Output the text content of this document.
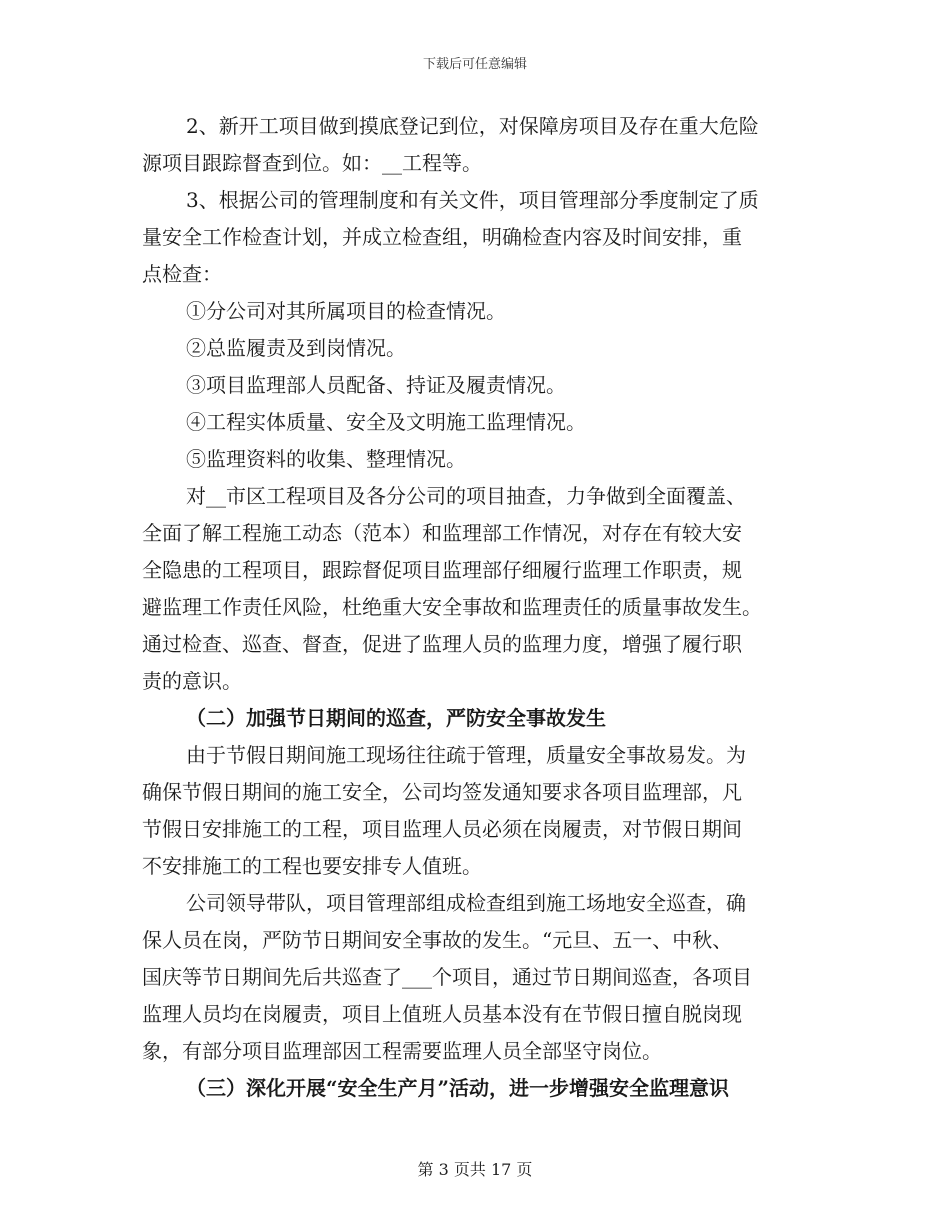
下载后可任意编辑
2、新开工项目做到摸底登记到位，对保障房项目及存在重大危险
源项目跟踪督查到位。如：__工程等。
3、根据公司的管理制度和有关文件，项目管理部分季度制定了质
量安全工作检查计划，并成立检查组，明确检查内容及时间安排，重
点检查：
①分公司对其所属项目的检查情况。
②总监履责及到岗情况。
③项目监理部人员配备、持证及履责情况。
④工程实体质量、安全及文明施工监理情况。
⑤监理资料的收集、整理情况。
对__市区工程项目及各分公司的项目抽查，力争做到全面覆盖、
全面了解工程施工动态（范本）和监理部工作情况，对存在有较大安
全隐患的工程项目，跟踪督促项目监理部仔细履行监理工作职责，规
避监理工作责任风险，杜绝重大安全事故和监理责任的质量事故发生。
通过检查、巡查、督查，促进了监理人员的监理力度，增强了履行职
责的意识。
（二）加强节日期间的巡查，严防安全事故发生
由于节假日期间施工现场往往疏于管理，质量安全事故易发。为
确保节假日期间的施工安全，公司均签发通知要求各项目监理部，凡
节假日安排施工的工程，项目监理人员必须在岗履责，对节假日期间
不安排施工的工程也要安排专人值班。
公司领导带队，项目管理部组成检查组到施工场地安全巡查，确
保人员在岗，严防节日期间安全事故的发生。“元旦、五一、中秋、
国庆等节日期间先后共巡查了___个项目，通过节日期间巡查，各项目
监理人员均在岗履责，项目上值班人员基本没有在节假日擅自脱岗现
象，有部分项目监理部因工程需要监理人员全部坚守岗位。
（三）深化开展“安全生产月”活动，进一步增强安全监理意识
第 3 页共 17 页
